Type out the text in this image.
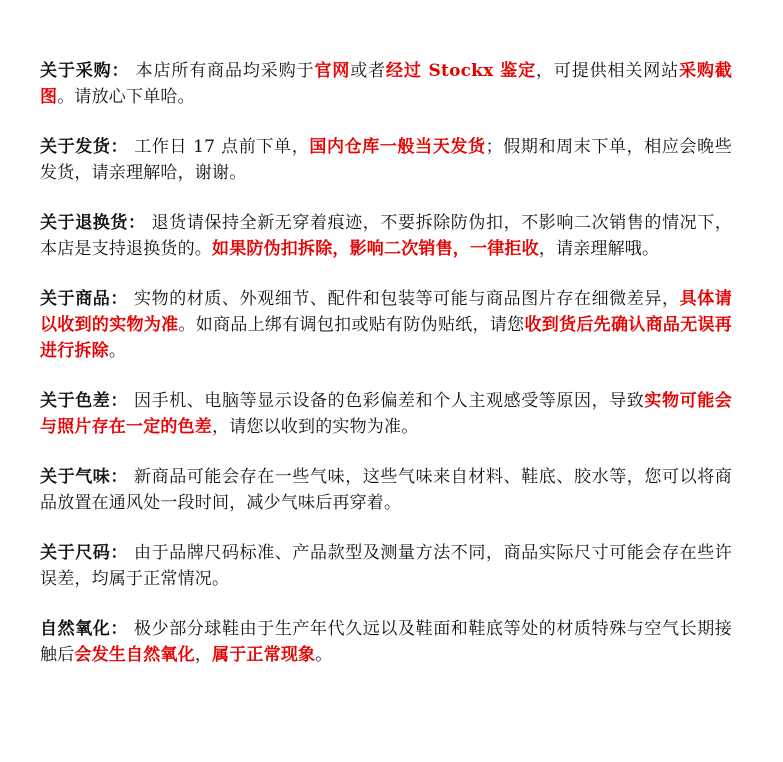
关于采购： 本店所有商品均采购于官网或者经过 Stockx 鉴定，可提供相关网站采购截图。请放心下单哈。

关于发货： 工作日 17 点前下单，国内仓库一般当天发货；假期和周末下单，相应会晚些发货，请亲理解哈，谢谢。

关于退换货： 退货请保持全新无穿着痕迹，不要拆除防伪扣，不影响二次销售的情况下，本店是支持退换货的。如果防伪扣拆除，影响二次销售，一律拒收，请亲理解哦。

关于商品： 实物的材质、外观细节、配件和包装等可能与商品图片存在细微差异，具体请以收到的实物为准。如商品上绑有调包扣或贴有防伪贴纸，请您收到货后先确认商品无误再进行拆除。

关于色差： 因手机、电脑等显示设备的色彩偏差和个人主观感受等原因，导致实物可能会与照片存在一定的色差，请您以收到的实物为准。

关于气味： 新商品可能会存在一些气味，这些气味来自材料、鞋底、胶水等，您可以将商品放置在通风处一段时间，减少气味后再穿着。

关于尺码： 由于品牌尺码标准、产品款型及测量方法不同，商品实际尺寸可能会存在些许误差，均属于正常情况。

自然氧化： 极少部分球鞋由于生产年代久远以及鞋面和鞋底等处的材质特殊与空气长期接触后会发生自然氧化，属于正常现象。
